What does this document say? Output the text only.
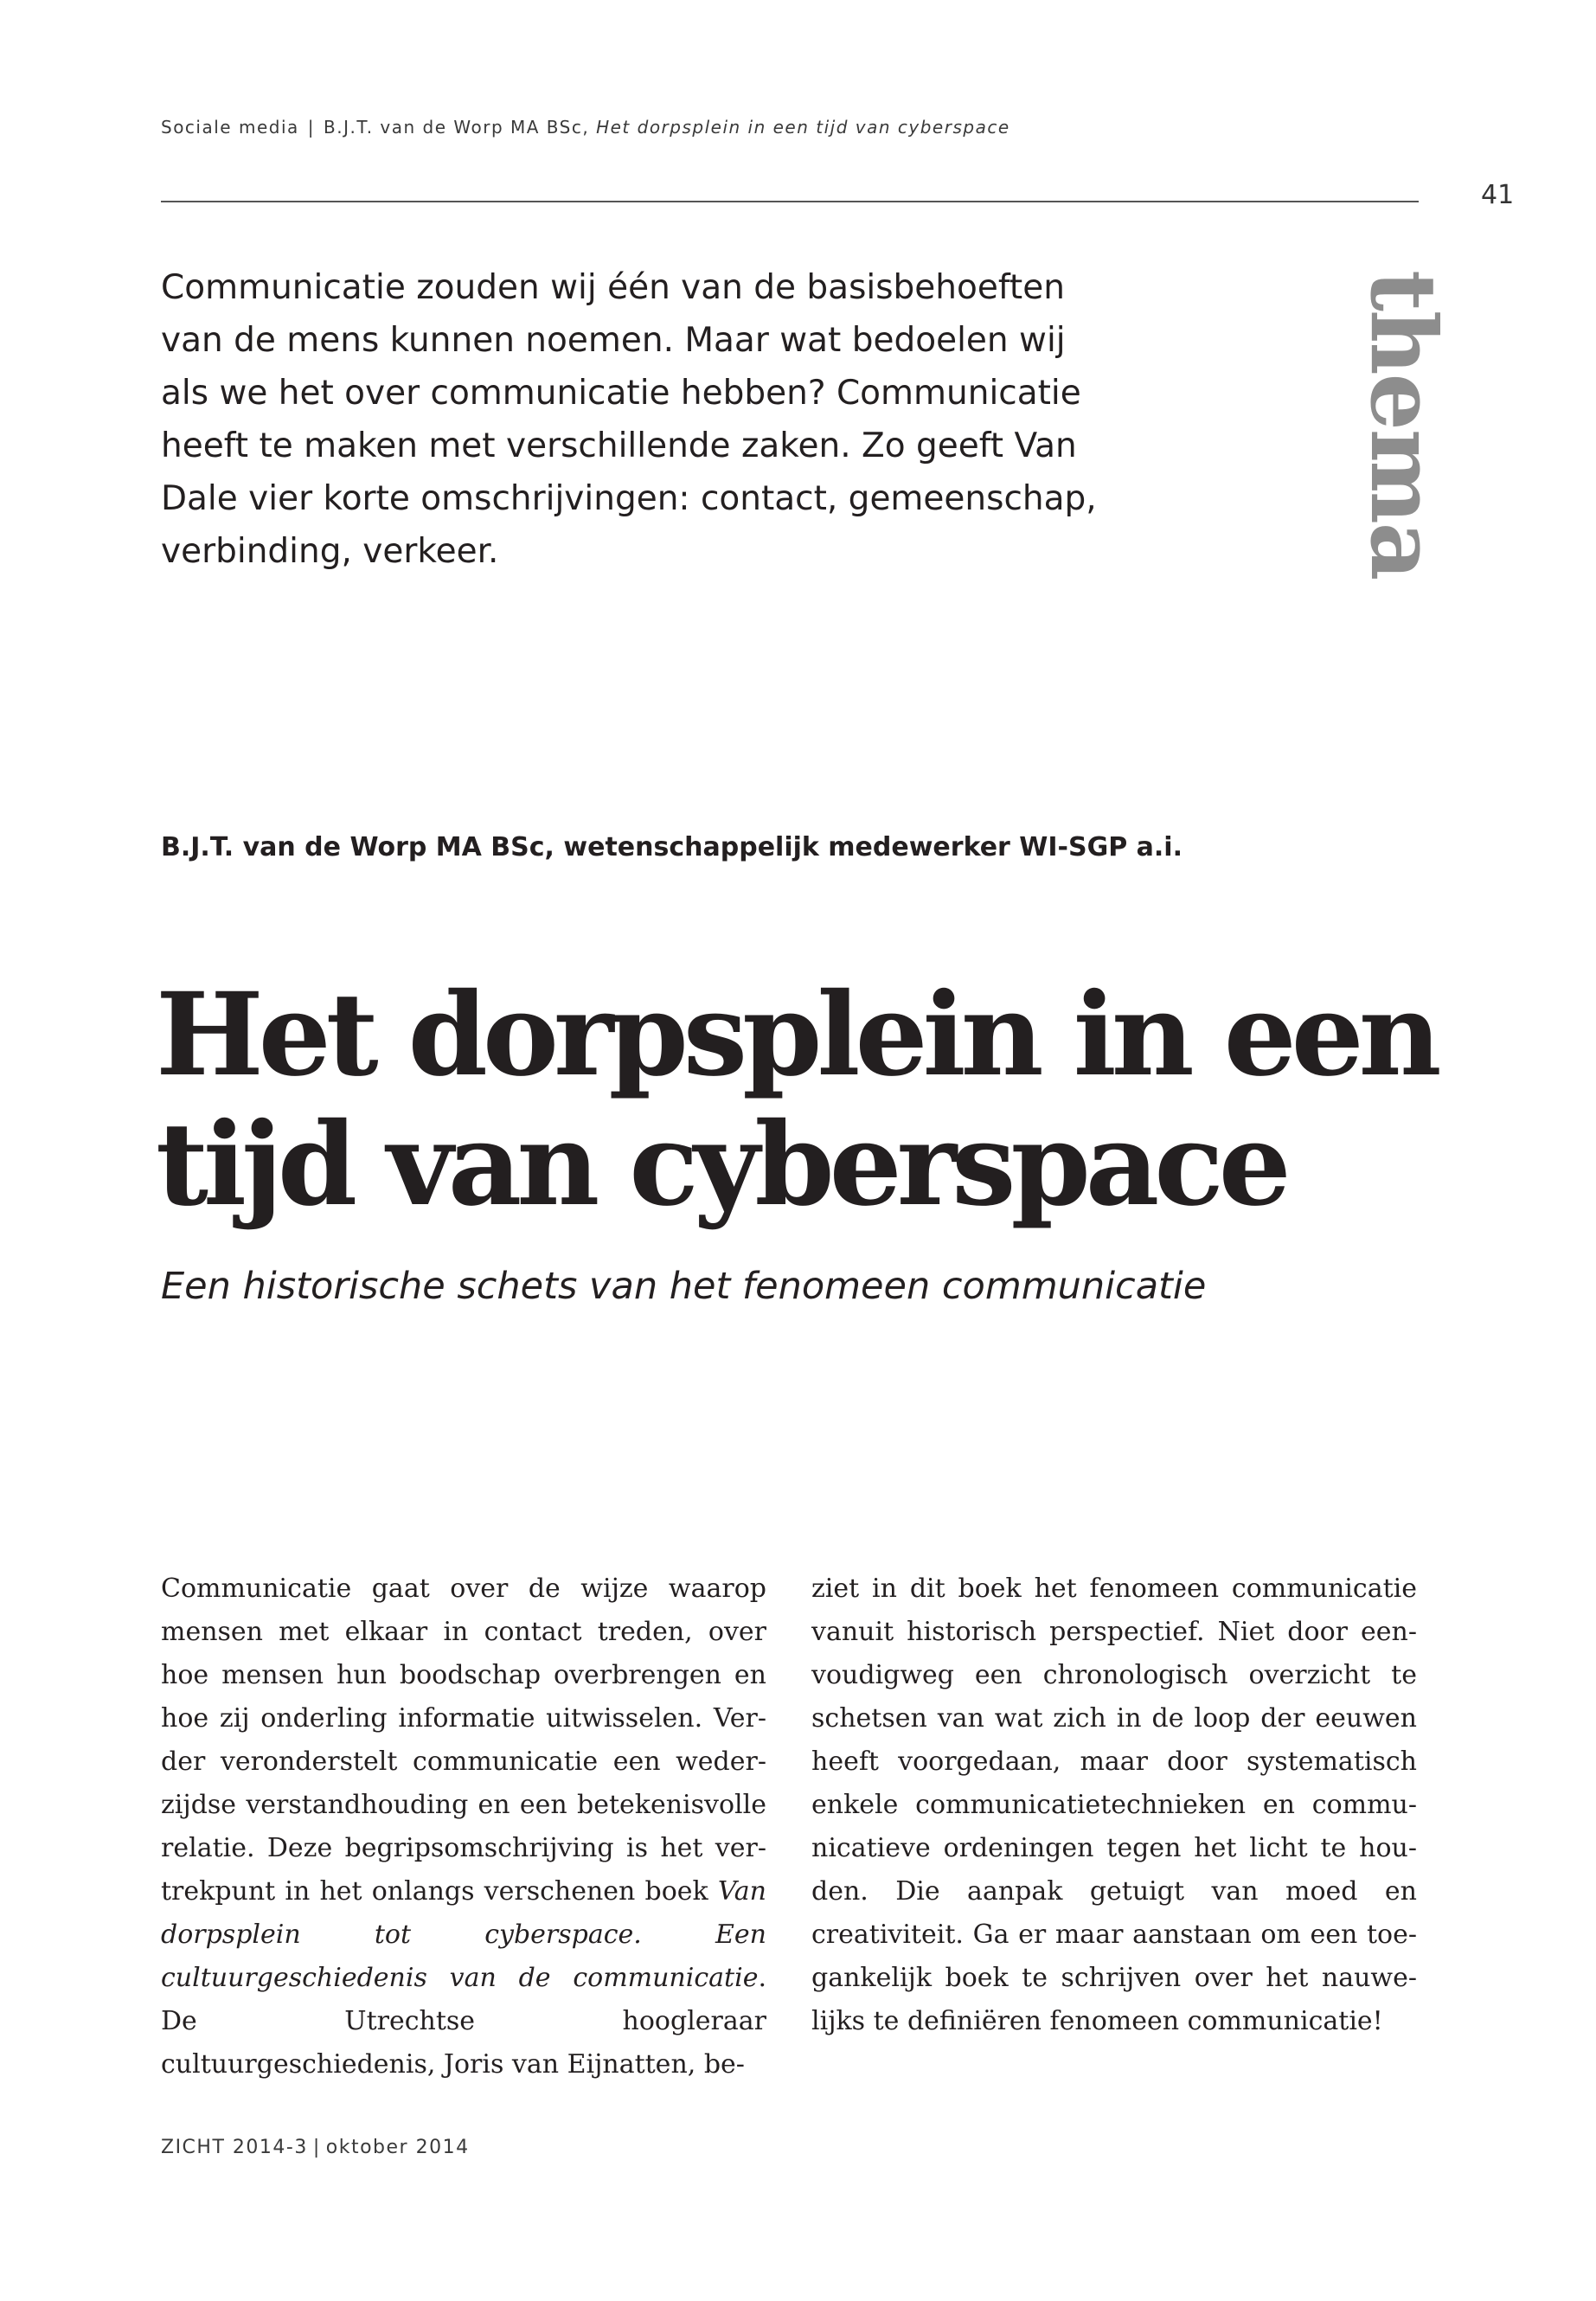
Sociale media | B.J.T. van de Worp MA BSc, Het dorpsplein in een tijd van cyberspace
41
thema

Communicatie zouden wij één van de basisbehoeften van de mens kunnen noemen. Maar wat bedoelen wij als we het over communicatie hebben? Communicatie heeft te maken met verschillende zaken. Zo geeft Van Dale vier korte omschrijvingen: contact, gemeenschap, verbinding, verkeer.

B.J.T. van de Worp MA BSc, wetenschappelijk medewerker WI-SGP a.i.

Het dorpsplein in een tijd van cyberspace

Een historische schets van het fenomeen communicatie

Communicatie gaat over de wijze waarop mensen met elkaar in contact treden, over hoe mensen hun boodschap overbrengen en hoe zij onderling informatie uitwisselen. Verder veronderstelt communicatie een wederzijdse verstandhouding en een betekenisvolle relatie. Deze begripsomschrijving is het vertrekpunt in het onlangs verschenen boek Van dorpsplein tot cyberspace. Een cultuurgeschiedenis van de communicatie. De Utrechtse hoogleraar cultuurgeschiedenis, Joris van Eijnatten, be-

ziet in dit boek het fenomeen communicatie vanuit historisch perspectief. Niet door eenvoudigweg een chronologisch overzicht te schetsen van wat zich in de loop der eeuwen heeft voorgedaan, maar door systematisch enkele communicatietechnieken en communicatieve ordeningen tegen het licht te houden. Die aanpak getuigt van moed en creativiteit. Ga er maar aanstaan om een toegankelijk boek te schrijven over het nauwelijks te definiëren fenomeen communicatie!

ZICHT 2014-3 | oktober 2014
